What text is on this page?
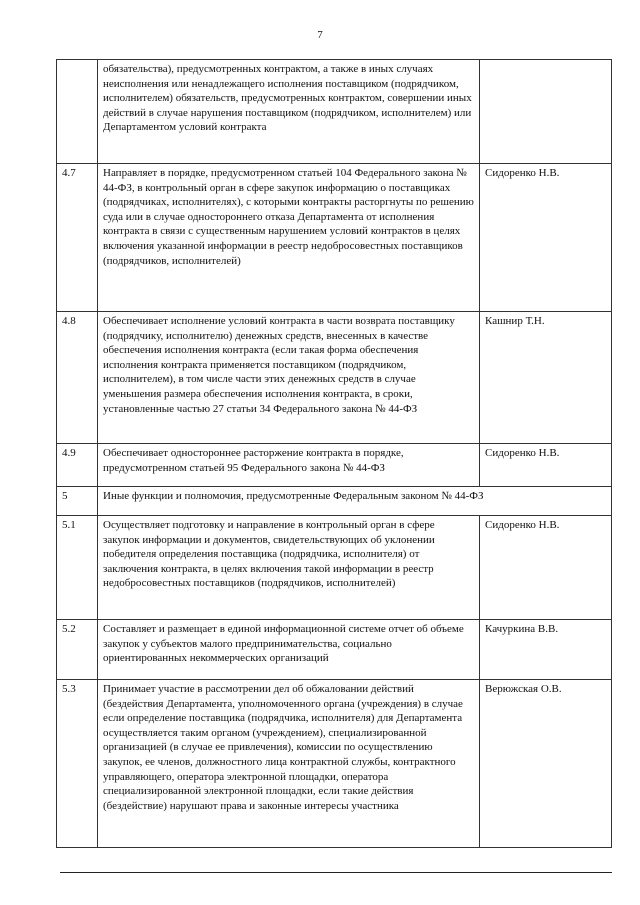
7
	обязательства), предусмотренных контрактом, а также в иных случаях неисполнения или ненадлежащего исполнения поставщиком (подрядчиком, исполнителем) обязательств, предусмотренных контрактом, совершении иных действий в случае нарушения поставщиком (подрядчиком, исполнителем) или Департаментом условий контракта	
4.7	Направляет в порядке, предусмотренном статьей 104 Федерального закона № 44-ФЗ, в контрольный орган в сфере закупок информацию о поставщиках (подрядчиках, исполнителях), с которыми контракты расторгнуты по решению суда или в случае одностороннего отказа Департамента от исполнения контракта в связи с существенным нарушением условий контрактов в целях включения указанной информации в реестр недобросовестных поставщиков (подрядчиков, исполнителей)	Сидоренко Н.В.
4.8	Обеспечивает исполнение условий контракта в части возврата поставщику (подрядчику, исполнителю) денежных средств, внесенных в качестве обеспечения исполнения контракта (если такая форма обеспечения исполнения контракта применяется поставщиком (подрядчиком, исполнителем), в том числе части этих денежных средств в случае уменьшения размера обеспечения исполнения контракта, в сроки, установленные частью 27 статьи 34 Федерального закона № 44-ФЗ	Кашнир Т.Н.
4.9	Обеспечивает одностороннее расторжение контракта в порядке, предусмотренном статьей 95 Федерального закона № 44-ФЗ	Сидоренко Н.В.
5	Иные функции и полномочия, предусмотренные Федеральным законом № 44-ФЗ	
5.1	Осуществляет подготовку и направление в контрольный орган в сфере закупок информации и документов, свидетельствующих об уклонении победителя определения поставщика (подрядчика, исполнителя) от заключения контракта, в целях включения такой информации в реестр недобросовестных поставщиков (подрядчиков, исполнителей)	Сидоренко Н.В.
5.2	Составляет и размещает в единой информационной системе отчет об объеме закупок у субъектов малого предпринимательства, социально ориентированных некоммерческих организаций	Качуркина В.В.
5.3	Принимает участие в рассмотрении дел об обжаловании действий (бездействия Департамента, уполномоченного органа (учреждения) в случае если определение поставщика (подрядчика, исполнителя) для Департамента осуществляется таким органом (учреждением), специализированной организацией (в случае ее привлечения), комиссии по осуществлению закупок, ее членов, должностного лица контрактной службы, контрактного управляющего, оператора электронной площадки, оператора специализированной электронной площадки, если такие действия (бездействие) нарушают права и законные интересы участника	Верюжская О.В.
